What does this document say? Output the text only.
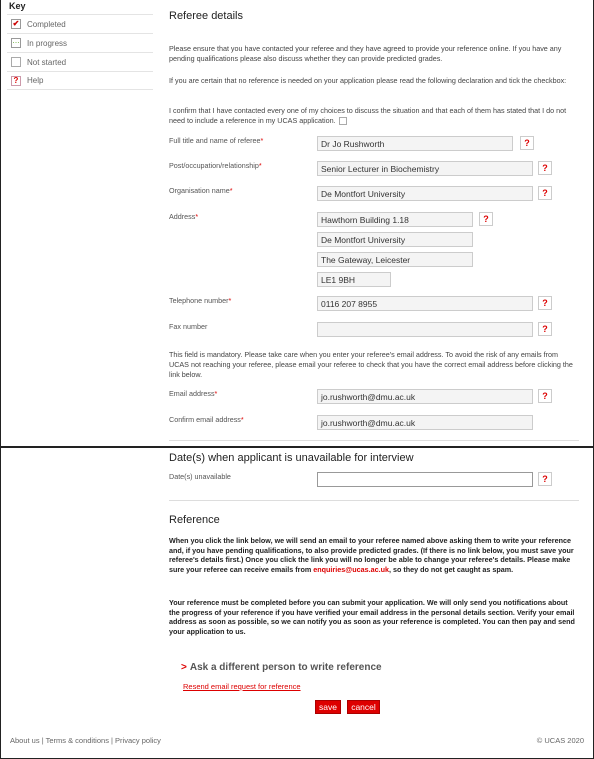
Key
✔ Completed
⋯ In progress
Not started
?	Help
Referee details

Please ensure that you have contacted your referee and they have agreed to provide your reference online. If you have any pending qualifications please also discuss whether they can provide predicted grades.

If you are certain that no reference is needed on your application please read the following declaration and tick the checkbox:

I confirm that I have contacted every one of my choices to discuss the situation and that each of them has stated that I do not need to include a reference in my UCAS application.

Full title and name of referee*	Dr Jo Rushworth	?
Post/occupation/relationship*	Senior Lecturer in Biochemistry	?
Organisation name*	De Montfort University	?
Address*	Hawthorn Building 1.18	?
De Montfort University
The Gateway, Leicester
LE1 9BH
Telephone number*	0116 207 8955	?
Fax number	?

This field is mandatory. Please take care when you enter your referee's email address. To avoid the risk of any emails from UCAS not reaching your referee, please email your referee to check that you have the correct email address before clicking the link below.

Email address*	jo.rushworth@dmu.ac.uk	?
Confirm email address*	jo.rushworth@dmu.ac.uk
Date(s) when applicant is unavailable for interview
Date(s) unavailable	?
Reference

When you click the link below, we will send an email to your referee named above asking them to write your reference and, if you have pending qualifications, to also provide predicted grades. (If there is no link below, you must save your referee's details first.) Once you click the link you will no longer be able to change your referee's details. Please make sure your referee can receive emails from enquiries@ucas.ac.uk, so they do not get caught as spam.

Your reference must be completed before you can submit your application. We will only send you notifications about the progress of your reference if you have verified your email address in the personal details section. Verify your email address as soon as possible, so we can notify you as soon as your reference is completed. You can then pay and send your application to us.

> Ask a different person to write reference
Resend email request for reference
save cancel
About us | Terms & conditions | Privacy policy	© UCAS 2020
